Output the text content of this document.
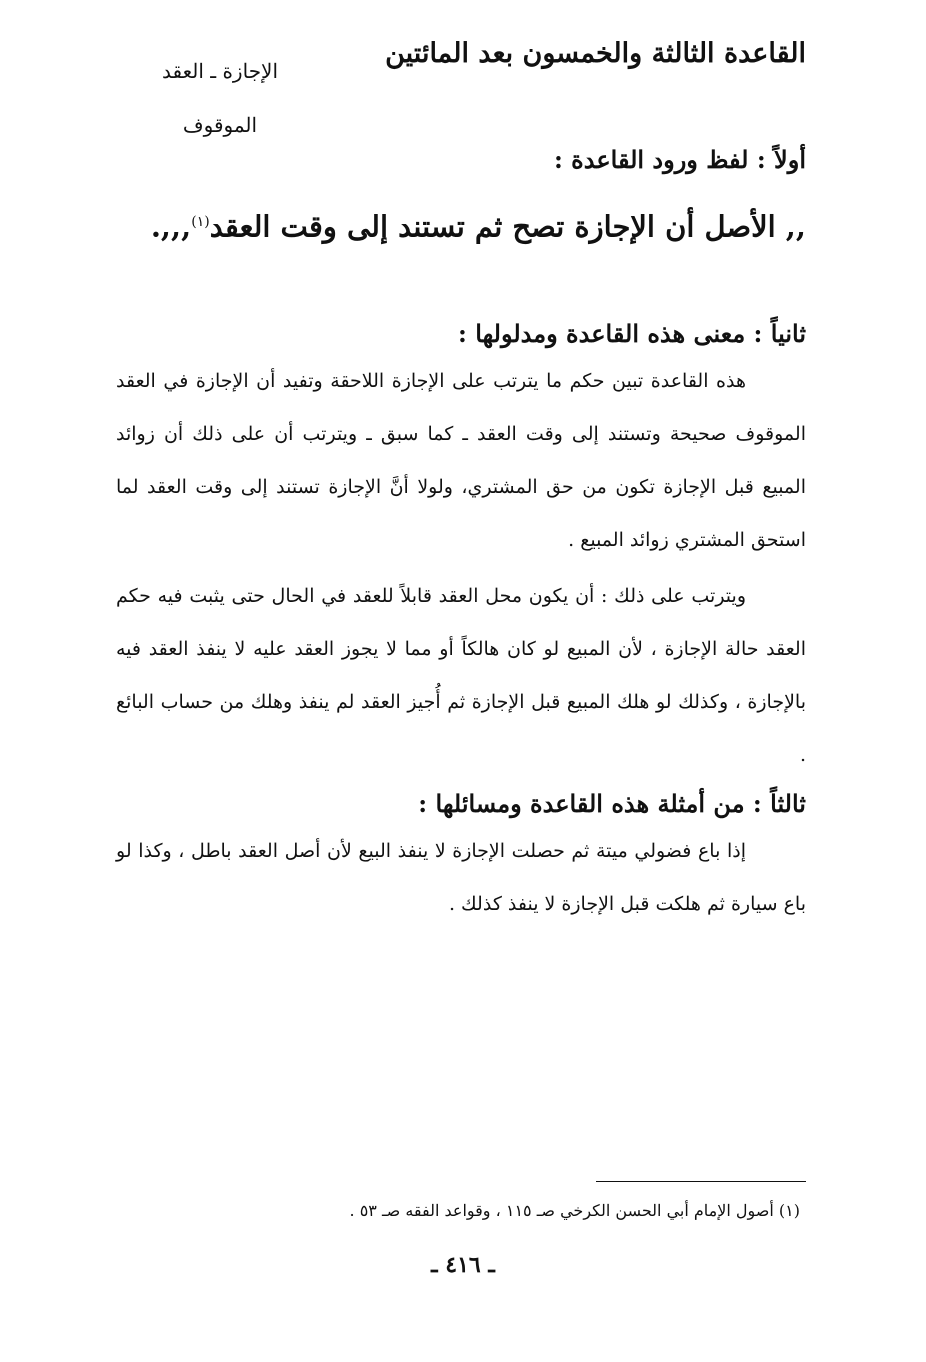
القاعدة الثالثة والخمسون بعد المائتين
الإجازة ـ العقد
الموقوف
أولاً : لفظ ورود القاعدة :
,, الأصل أن الإجازة تصح ثم تستند إلى وقت العقد$^{(١)}$,,,.
ثانياً : معنى هذه القاعدة ومدلولها :

هذه القاعدة تبين حكم ما يترتب على الإجازة اللاحقة وتفيد أن الإجازة في العقد الموقوف صحيحة وتستند إلى وقت العقد ـ كما سبق ـ ويترتب أن على ذلك أن زوائد المبيع قبل الإجازة تكون من حق المشتري، ولولا أنَّ الإجازة تستند إلى وقت العقد لما استحق المشتري زوائد المبيع .

ويترتب على ذلك : أن يكون محل العقد قابلاً للعقد في الحال حتى يثبت فيه حكم العقد حالة الإجازة ، لأن المبيع لو كان هالكاً أو مما لا يجوز العقد عليه لا ينفذ العقد فيه بالإجازة ، وكذلك لو هلك المبيع قبل الإجازة ثم أُجيز العقد لم ينفذ وهلك من حساب البائع .

ثالثاً : من أمثلة هذه القاعدة ومسائلها :

إذا باع فضولي ميتة ثم حصلت الإجازة لا ينفذ البيع لأن أصل العقد باطل ، وكذا لو باع سيارة ثم هلكت قبل الإجازة لا ينفذ كذلك .

(١) أصول الإمام أبي الحسن الكرخي صـ ١١٥ ، وقواعد الفقه صـ ٥٣ .
ـ ٤١٦ ـ
